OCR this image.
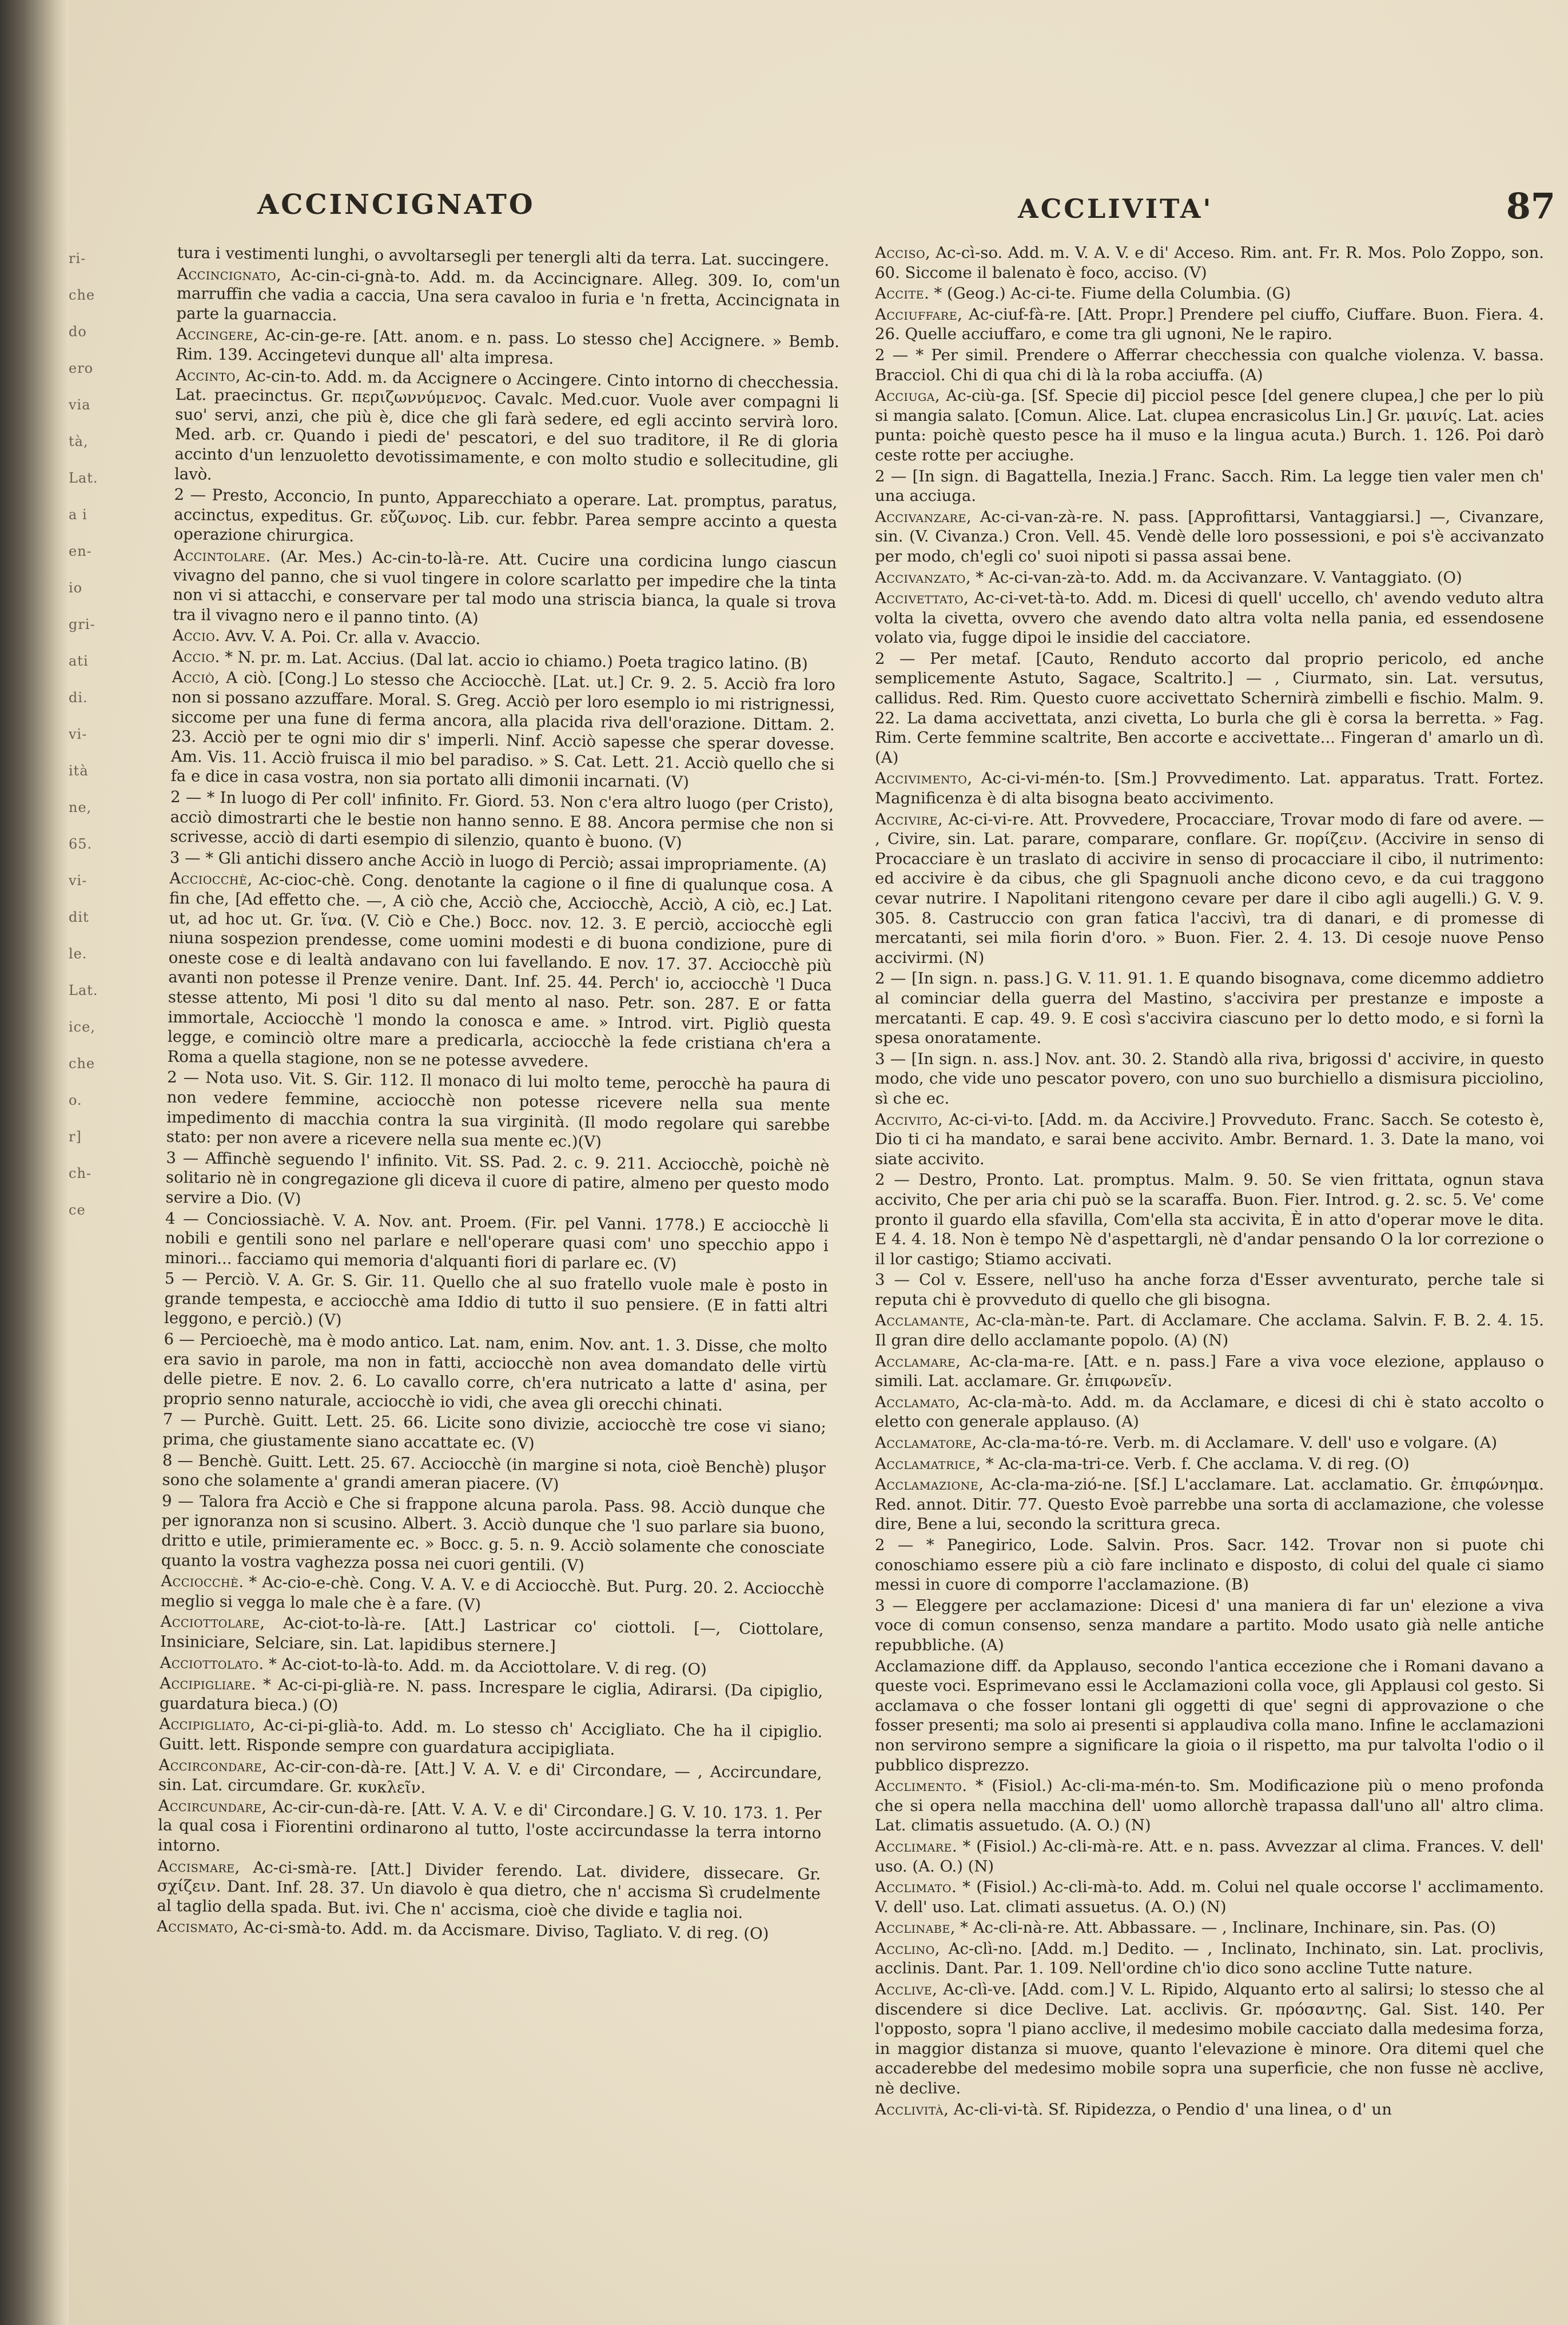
ri-
che
do
ero
via
tà,
Lat.
a i
en-
io
gri-
ati
di.
vi-
ità
ne,
65.
vi-
dit
le.
Lat.
ice,
che
o.
r]
ch-
ce
ACCINCIGNATO	ACCLIVITA'	87

tura i vestimenti lunghi, o avvoltarsegli per tenergli alti da terra. Lat. succingere.

Accincignato, Ac-cin-ci-gnà-to. Add. m. da Accincignare. Alleg. 309. Io, com'un marruffin che vadia a caccia, Una sera cavaloo in furia e 'n fretta, Accincignata in parte la guarnaccia.

Accingere, Ac-cin-ge-re. [Att. anom. e n. pass. Lo stesso che] Accignere. » Bemb. Rim. 139. Accingetevi dunque all' alta impresa.

Accinto, Ac-cin-to. Add. m. da Accignere o Accingere. Cinto intorno di checchessia. Lat. praecinctus. Gr. περιζωννύμενος. Cavalc. Med.cuor. Vuole aver compagni li suo' servi, anzi, che più è, dice che gli farà sedere, ed egli accinto servirà loro. Med. arb. cr. Quando i piedi de' pescatori, e del suo traditore, il Re di gloria accinto d'un lenzuoletto devotissimamente, e con molto studio e sollecitudine, gli lavò.

2 — Presto, Acconcio, In punto, Apparecchiato a operare. Lat. promptus, paratus, accinctus, expeditus. Gr. εὔζωνος. Lib. cur. febbr. Parea sempre accinto a questa operazione chirurgica.

Accintolare. (Ar. Mes.) Ac-cin-to-là-re. Att. Cucire una cordicina lungo ciascun vivagno del panno, che si vuol tingere in colore scarlatto per impedire che la tinta non vi si attacchi, e conservare per tal modo una striscia bianca, la quale si trova tra il vivagno nero e il panno tinto. (A)

Accio. Avv. V. A. Poi. Cr. alla v. Avaccio.

Accio. * N. pr. m. Lat. Accius. (Dal lat. accio io chiamo.) Poeta tragico latino. (B)

Acciò, A ciò. [Cong.] Lo stesso che Acciocchè. [Lat. ut.] Cr. 9. 2. 5. Acciò fra loro non si possano azzuffare. Moral. S. Greg. Acciò per loro esemplo io mi ristrignessi, siccome per una fune di ferma ancora, alla placida riva dell'orazione. Dittam. 2. 23. Acciò per te ogni mio dir s' imperli. Ninf. Acciò sapesse che sperar dovesse. Am. Vis. 11. Acciò fruisca il mio bel paradiso. » S. Cat. Lett. 21. Acciò quello che si fa e dice in casa vostra, non sia portato alli dimonii incarnati. (V)

2 — * In luogo di Per coll' infinito. Fr. Giord. 53. Non c'era altro luogo (per Cristo), acciò dimostrarti che le bestie non hanno senno. E 88. Ancora permise che non si scrivesse, acciò di darti esempio di silenzio, quanto è buono. (V)

3 — * Gli antichi dissero anche Acciò in luogo di Perciò; assai impropriamente. (A)

Acciocchè, Ac-cioc-chè. Cong. denotante la cagione o il fine di qualunque cosa. A fin che, [Ad effetto che. —, A ciò che, Acciò che, Acciocchè, Acciò, A ciò, ec.] Lat. ut, ad hoc ut. Gr. ἵνα. (V. Ciò e Che.) Bocc. nov. 12. 3. E perciò, acciocchè egli niuna sospezion prendesse, come uomini modesti e di buona condizione, pure di oneste cose e di lealtà andavano con lui favellando. E nov. 17. 37. Acciocchè più avanti non potesse il Prenze venire. Dant. Inf. 25. 44. Perch' io, acciocchè 'l Duca stesse attento, Mi posi 'l dito su dal mento al naso. Petr. son. 287. E or fatta immortale, Acciocchè 'l mondo la conosca e ame. » Introd. virt. Pigliò questa legge, e cominciò oltre mare a predicarla, acciocchè la fede cristiana ch'era a Roma a quella stagione, non se ne potesse avvedere.

2 — Nota uso. Vit. S. Gir. 112. Il monaco di lui molto teme, perocchè ha paura di non vedere femmine, acciocchè non potesse ricevere nella sua mente impedimento di macchia contra la sua virginità. (Il modo regolare qui sarebbe stato: per non avere a ricevere nella sua mente ec.)(V)

3 — Affinchè seguendo l' infinito. Vit. SS. Pad. 2. c. 9. 211. Acciocchè, poichè nè solitario nè in congregazione gli diceva il cuore di patire, almeno per questo modo servire a Dio. (V)

4 — Conciossiachè. V. A. Nov. ant. Proem. (Fir. pel Vanni. 1778.) E acciocchè li nobili e gentili sono nel parlare e nell'operare quasi com' uno specchio appo i minori... facciamo qui memoria d'alquanti fiori di parlare ec. (V)

5 — Perciò. V. A. Gr. S. Gir. 11. Quello che al suo fratello vuole male è posto in grande tempesta, e acciocchè ama Iddio di tutto il suo pensiere. (E in fatti altri leggono, e perciò.) (V)

6 — Percioechè, ma è modo antico. Lat. nam, enim. Nov. ant. 1. 3. Disse, che molto era savio in parole, ma non in fatti, acciocchè non avea domandato delle virtù delle pietre. E nov. 2. 6. Lo cavallo corre, ch'era nutricato a latte d' asina, per proprio senno naturale, acciocchè io vidi, che avea gli orecchi chinati.

7 — Purchè. Guitt. Lett. 25. 66. Licite sono divizie, acciocchè tre cose vi siano; prima, che giustamente siano accattate ec. (V)

8 — Benchè. Guitt. Lett. 25. 67. Acciocchè (in margine si nota, cioè Benchè) pluşor sono che solamente a' grandi ameran piacere. (V)

9 — Talora fra Acciò e Che si frappone alcuna parola. Pass. 98. Acciò dunque che per ignoranza non si scusino. Albert. 3. Acciò dunque che 'l suo parlare sia buono, dritto e utile, primieramente ec. » Bocc. g. 5. n. 9. Acciò solamente che conosciate quanto la vostra vaghezza possa nei cuori gentili. (V)

Acciocchè. * Ac-cio-e-chè. Cong. V. A. V. e di Acciocchè. But. Purg. 20. 2. Acciocchè meglio si vegga lo male che è a fare. (V)

Acciottolare, Ac-ciot-to-là-re. [Att.] Lastricar co' ciottoli. [—, Ciottolare, Insiniciare, Selciare, sin. Lat. lapidibus sternere.]

Acciottolato. * Ac-ciot-to-là-to. Add. m. da Acciottolare. V. di reg. (O)

Accipigliare. * Ac-ci-pi-glià-re. N. pass. Increspare le ciglia, Adirarsi. (Da cipiglio, guardatura bieca.) (O)

Accipigliato, Ac-ci-pi-glià-to. Add. m. Lo stesso ch' Accigliato. Che ha il cipiglio. Guitt. lett. Risponde sempre con guardatura accipigliata.

Accircondare, Ac-cir-con-dà-re. [Att.] V. A. V. e di' Circondare, — , Accircundare, sin. Lat. circumdare. Gr. κυκλεῖν.

Accircundare, Ac-cir-cun-dà-re. [Att. V. A. V. e di' Circondare.] G. V. 10. 173. 1. Per la qual cosa i Fiorentini ordinarono al tutto, l'oste accircundasse la terra intorno intorno.

Accismare, Ac-ci-smà-re. [Att.] Divider ferendo. Lat. dividere, dissecare. Gr. σχίζειν. Dant. Inf. 28. 37. Un diavolo è qua dietro, che n' accisma Sì crudelmente al taglio della spada. But. ivi. Che n' accisma, cioè che divide e taglia noi.

Accismato, Ac-ci-smà-to. Add. m. da Accismare. Diviso, Tagliato. V. di reg. (O)

Acciso, Ac-cì-so. Add. m. V. A. V. e di' Acceso. Rim. ant. Fr. R. Mos. Polo Zoppo, son. 60. Siccome il balenato è foco, acciso. (V)

Accite. * (Geog.) Ac-ci-te. Fiume della Columbia. (G)

Acciuffare, Ac-ciuf-fà-re. [Att. Propr.] Prendere pel ciuffo, Ciuffare. Buon. Fiera. 4. 26. Quelle acciuffaro, e come tra gli ugnoni, Ne le rapiro.

2 — * Per simil. Prendere o Afferrar checchessia con qualche violenza. V. bassa. Bracciol. Chi di qua chi di là la roba acciuffa. (A)

Acciuga, Ac-ciù-ga. [Sf. Specie di] picciol pesce [del genere clupea,] che per lo più si mangia salato. [Comun. Alice. Lat. clupea encrasicolus Lin.] Gr. μαινίς. Lat. acies punta: poichè questo pesce ha il muso e la lingua acuta.) Burch. 1. 126. Poi darò ceste rotte per acciughe.

2 — [In sign. di Bagattella, Inezia.] Franc. Sacch. Rim. La legge tien valer men ch' una acciuga.

Accivanzare, Ac-ci-van-zà-re. N. pass. [Approfittarsi, Vantaggiarsi.] —, Civanzare, sin. (V. Civanza.) Cron. Vell. 45. Vendè delle loro possessioni, e poi s'è accivanzato per modo, ch'egli co' suoi nipoti si passa assai bene.

Accivanzato, * Ac-ci-van-zà-to. Add. m. da Accivanzare. V. Vantaggiato. (O)

Accivettato, Ac-ci-vet-tà-to. Add. m. Dicesi di quell' uccello, ch' avendo veduto altra volta la civetta, ovvero che avendo dato altra volta nella pania, ed essendosene volato via, fugge dipoi le insidie del cacciatore.

2 — Per metaf. [Cauto, Renduto accorto dal proprio pericolo, ed anche semplicemente Astuto, Sagace, Scaltrito.] — , Ciurmato, sin. Lat. versutus, callidus. Red. Rim. Questo cuore accivettato Schernirà zimbelli e fischio. Malm. 9. 22. La dama accivettata, anzi civetta, Lo burla che gli è corsa la berretta. » Fag. Rim. Certe femmine scaltrite, Ben accorte e accivettate... Fingeran d' amarlo un dì. (A)

Accivimento, Ac-ci-vi-mén-to. [Sm.] Provvedimento. Lat. apparatus. Tratt. Fortez. Magnificenza è di alta bisogna beato accivimento.

Accivire, Ac-ci-vi-re. Att. Provvedere, Procacciare, Trovar modo di fare od avere. — , Civire, sin. Lat. parare, comparare, conflare. Gr. πορίζειν. (Accivire in senso di Procacciare è un traslato di accivire in senso di procacciare il cibo, il nutrimento: ed accivire è da cibus, che gli Spagnuoli anche dicono cevo, e da cui traggono cevar nutrire. I Napolitani ritengono cevare per dare il cibo agli augelli.) G. V. 9. 305. 8. Castruccio con gran fatica l'accivì, tra di danari, e di promesse di mercatanti, sei mila fiorin d'oro. » Buon. Fier. 2. 4. 13. Di cesoje nuove Penso accivirmi. (N)

2 — [In sign. n. pass.] G. V. 11. 91. 1. E quando bisognava, come dicemmo addietro al cominciar della guerra del Mastino, s'accivira per prestanze e imposte a mercatanti. E cap. 49. 9. E così s'accivira ciascuno per lo detto modo, e si fornì la spesa onoratamente.

3 — [In sign. n. ass.] Nov. ant. 30. 2. Standò alla riva, brigossi d' accivire, in questo modo, che vide uno pescator povero, con uno suo burchiello a dismisura picciolino, sì che ec.

Accivito, Ac-ci-vi-to. [Add. m. da Accivire.] Provveduto. Franc. Sacch. Se cotesto è, Dio ti ci ha mandato, e sarai bene accivito. Ambr. Bernard. 1. 3. Date la mano, voi siate accivito.

2 — Destro, Pronto. Lat. promptus. Malm. 9. 50. Se vien frittata, ognun stava accivito, Che per aria chi può se la scaraffa. Buon. Fier. Introd. g. 2. sc. 5. Ve' come pronto il guardo ella sfavilla, Com'ella sta accivita, È in atto d'operar move le dita. E 4. 4. 18. Non è tempo Nè d'aspettargli, nè d'andar pensando O la lor correzione o il lor castigo; Stiamo accivati.

3 — Col v. Essere, nell'uso ha anche forza d'Esser avventurato, perche tale si reputa chi è provveduto di quello che gli bisogna.

Acclamante, Ac-cla-màn-te. Part. di Acclamare. Che acclama. Salvin. F. B. 2. 4. 15. Il gran dire dello acclamante popolo. (A) (N)

Acclamare, Ac-cla-ma-re. [Att. e n. pass.] Fare a viva voce elezione, applauso o simili. Lat. acclamare. Gr. ἐπιφωνεῖν.

Acclamato, Ac-cla-mà-to. Add. m. da Acclamare, e dicesi di chi è stato accolto o eletto con generale applauso. (A)

Acclamatore, Ac-cla-ma-tó-re. Verb. m. di Acclamare. V. dell' uso e volgare. (A)

Acclamatrice, * Ac-cla-ma-tri-ce. Verb. f. Che acclama. V. di reg. (O)

Acclamazione, Ac-cla-ma-zió-ne. [Sf.] L'acclamare. Lat. acclamatio. Gr. ἐπιφώνημα. Red. annot. Ditir. 77. Questo Evoè parrebbe una sorta di acclamazione, che volesse dire, Bene a lui, secondo la scrittura greca.

2 — * Panegirico, Lode. Salvin. Pros. Sacr. 142. Trovar non si puote chi conoschiamo essere più a ciò fare inclinato e disposto, di colui del quale ci siamo messi in cuore di comporre l'acclamazione. (B)

3 — Eleggere per acclamazione: Dicesi d' una maniera di far un' elezione a viva voce di comun consenso, senza mandare a partito. Modo usato già nelle antiche repubbliche. (A)

Acclamazione diff. da Applauso, secondo l'antica eccezione che i Romani davano a queste voci. Esprimevano essi le Acclamazioni colla voce, gli Applausi col gesto. Si acclamava o che fosser lontani gli oggetti di que' segni di approvazione o che fosser presenti; ma solo ai presenti si applaudiva colla mano. Infine le acclamazioni non servirono sempre a significare la gioia o il rispetto, ma pur talvolta l'odio o il pubblico disprezzo.

Acclimento. * (Fisiol.) Ac-cli-ma-mén-to. Sm. Modificazione più o meno profonda che si opera nella macchina dell' uomo allorchè trapassa dall'uno all' altro clima. Lat. climatis assuetudo. (A. O.) (N)

Acclimare. * (Fisiol.) Ac-cli-mà-re. Att. e n. pass. Avvezzar al clima. Frances. V. dell' uso. (A. O.) (N)

Acclimato. * (Fisiol.) Ac-cli-mà-to. Add. m. Colui nel quale occorse l' acclimamento. V. dell' uso. Lat. climati assuetus. (A. O.) (N)

Acclinabe, * Ac-cli-nà-re. Att. Abbassare. — , Inclinare, Inchinare, sin. Pas. (O)

Acclino, Ac-clì-no. [Add. m.] Dedito. — , Inclinato, Inchinato, sin. Lat. proclivis, acclinis. Dant. Par. 1. 109. Nell'ordine ch'io dico sono accline Tutte nature.

Acclive, Ac-clì-ve. [Add. com.] V. L. Ripido, Alquanto erto al salirsi; lo stesso che al discendere si dice Declive. Lat. acclivis. Gr. πρόσαντης. Gal. Sist. 140. Per l'opposto, sopra 'l piano acclive, il medesimo mobile cacciato dalla medesima forza, in maggior distanza si muove, quanto l'elevazione è minore. Ora ditemi quel che accaderebbe del medesimo mobile sopra una superficie, che non fusse nè acclive, nè declive.

Acclività, Ac-cli-vi-tà. Sf. Ripidezza, o Pendio d' una linea, o d' un
